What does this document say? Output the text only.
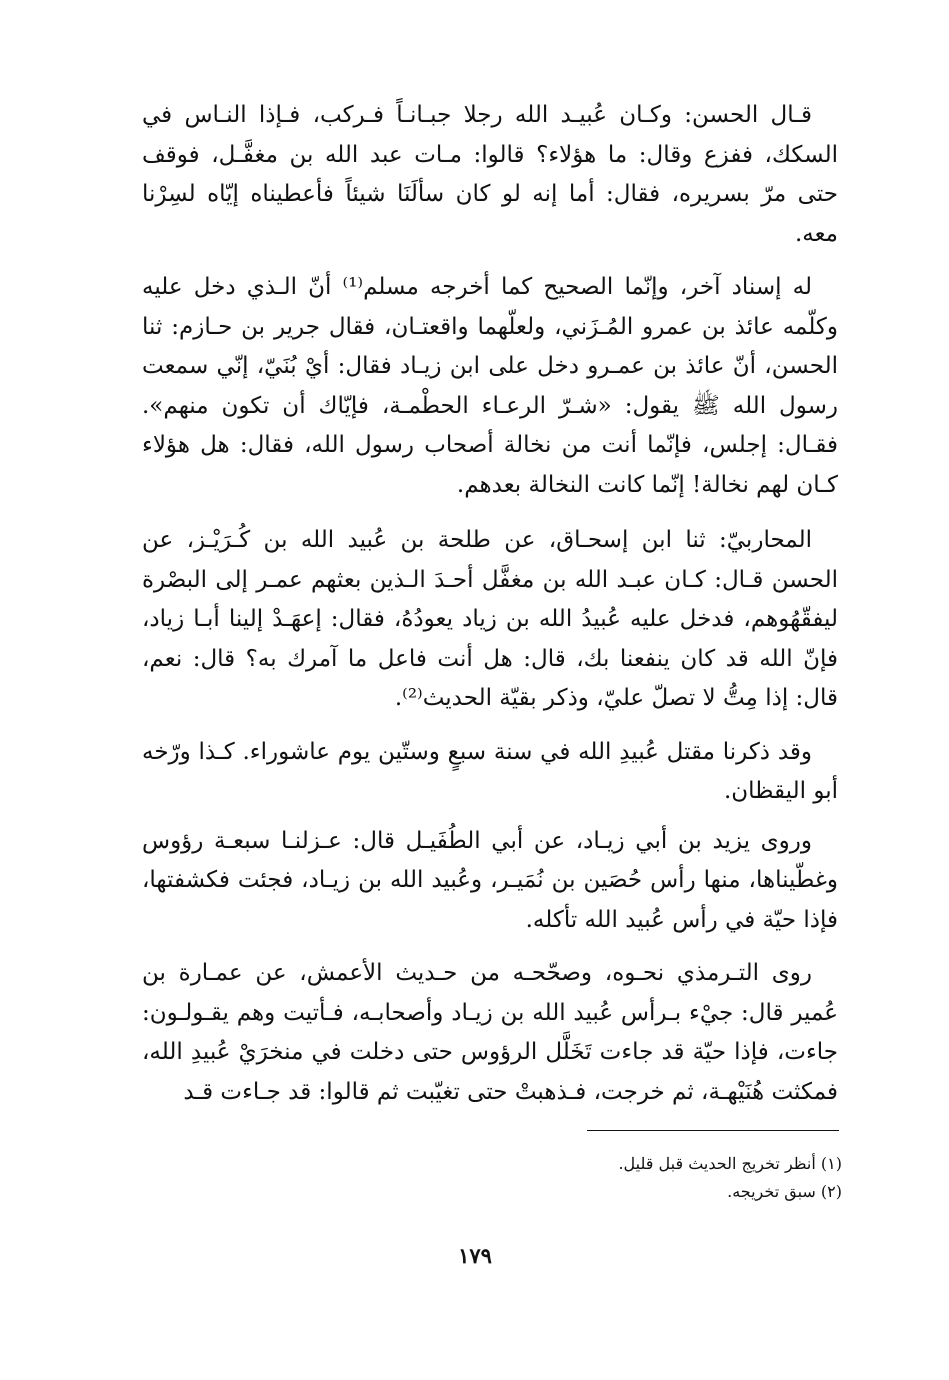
قـال الحسن: وكـان عُبيـد الله رجلا جبـانـاً فـركب، فـإذا النـاس في السكك، ففزع وقال: ما هؤلاء؟ قالوا: مـات عبد الله بن مغفَّـل، فوقف حتى مرّ بسريره، فقال: أما إنه لو كان سألَنَا شيئاً فأعطيناه إيّاه لسِرْنا معه.

له إسناد آخر، وإنّما الصحيح كما أخرجه مسلم⁽¹⁾ أنّ الـذي دخل عليه وكلّمه عائذ بن عمرو المُـزَني، ولعلّهما واقعتـان، فقال جرير بن حـازم: ثنا الحسن، أنّ عائذ بن عمـرو دخل على ابن زيـاد فقال: أيْ بُنَيّ، إنّي سمعت رسول الله ﷺ يقول: «شـرّ الرعـاء الحطْمـة، فإيّاك أن تكون منهم». فقـال: إجلس، فإنّما أنت من نخالة أصحاب رسول الله، فقال: هل هؤلاء كـان لهم نخالة! إنّما كانت النخالة بعدهم.

المحاربيّ: ثنا ابن إسحـاق، عن طلحة بن عُبيد الله بن كُـرَيْـز، عن الحسن قـال: كـان عبـد الله بن مغفَّل أحـدَ الـذين بعثهم عمـر إلى البصْرة ليفقّهُوهم، فدخل عليه عُبيدُ الله بن زياد يعودُهُ، فقال: إعهَـدْ إلينا أبـا زياد، فإنّ الله قد كان ينفعنا بك، قال: هل أنت فاعل ما آمرك به؟ قال: نعم، قال: إذا مِتُّ لا تصلّ عليّ، وذكر بقيّة الحديث⁽²⁾.

وقد ذكرنا مقتل عُبيدِ الله في سنة سبعٍ وستّين يوم عاشوراء. كـذا ورّخه أبو اليقظان.

وروى يزيد بن أبي زيـاد، عن أبي الطُفَيـل قال: عـزلنـا سبعـة رؤوس وغطّيناها، منها رأس حُصَين بن نُمَيـر، وعُبيد الله بن زيـاد، فجئت فكشفتها، فإذا حيّة في رأس عُبيد الله تأكله.

روى التـرمذي نحـوه، وصحّحـه من حـديث الأعمش، عن عمـارة بن عُمير قال: جيْء بـرأس عُبيد الله بن زيـاد وأصحابـه، فـأتيت وهم يقـولـون: جاءت، فإذا حيّة قد جاءت تَخَلَّل الرؤوس حتى دخلت في منخرَيْ عُبيدِ الله، فمكثت هُنَيْهـة، ثم خرجت، فـذهبتْ حتى تغيّبت ثم قالوا: قد جـاءت قـد

(١) أنظر تخريج الحديث قبل قليل.

(٢) سبق تخريجه.

١٧٩
